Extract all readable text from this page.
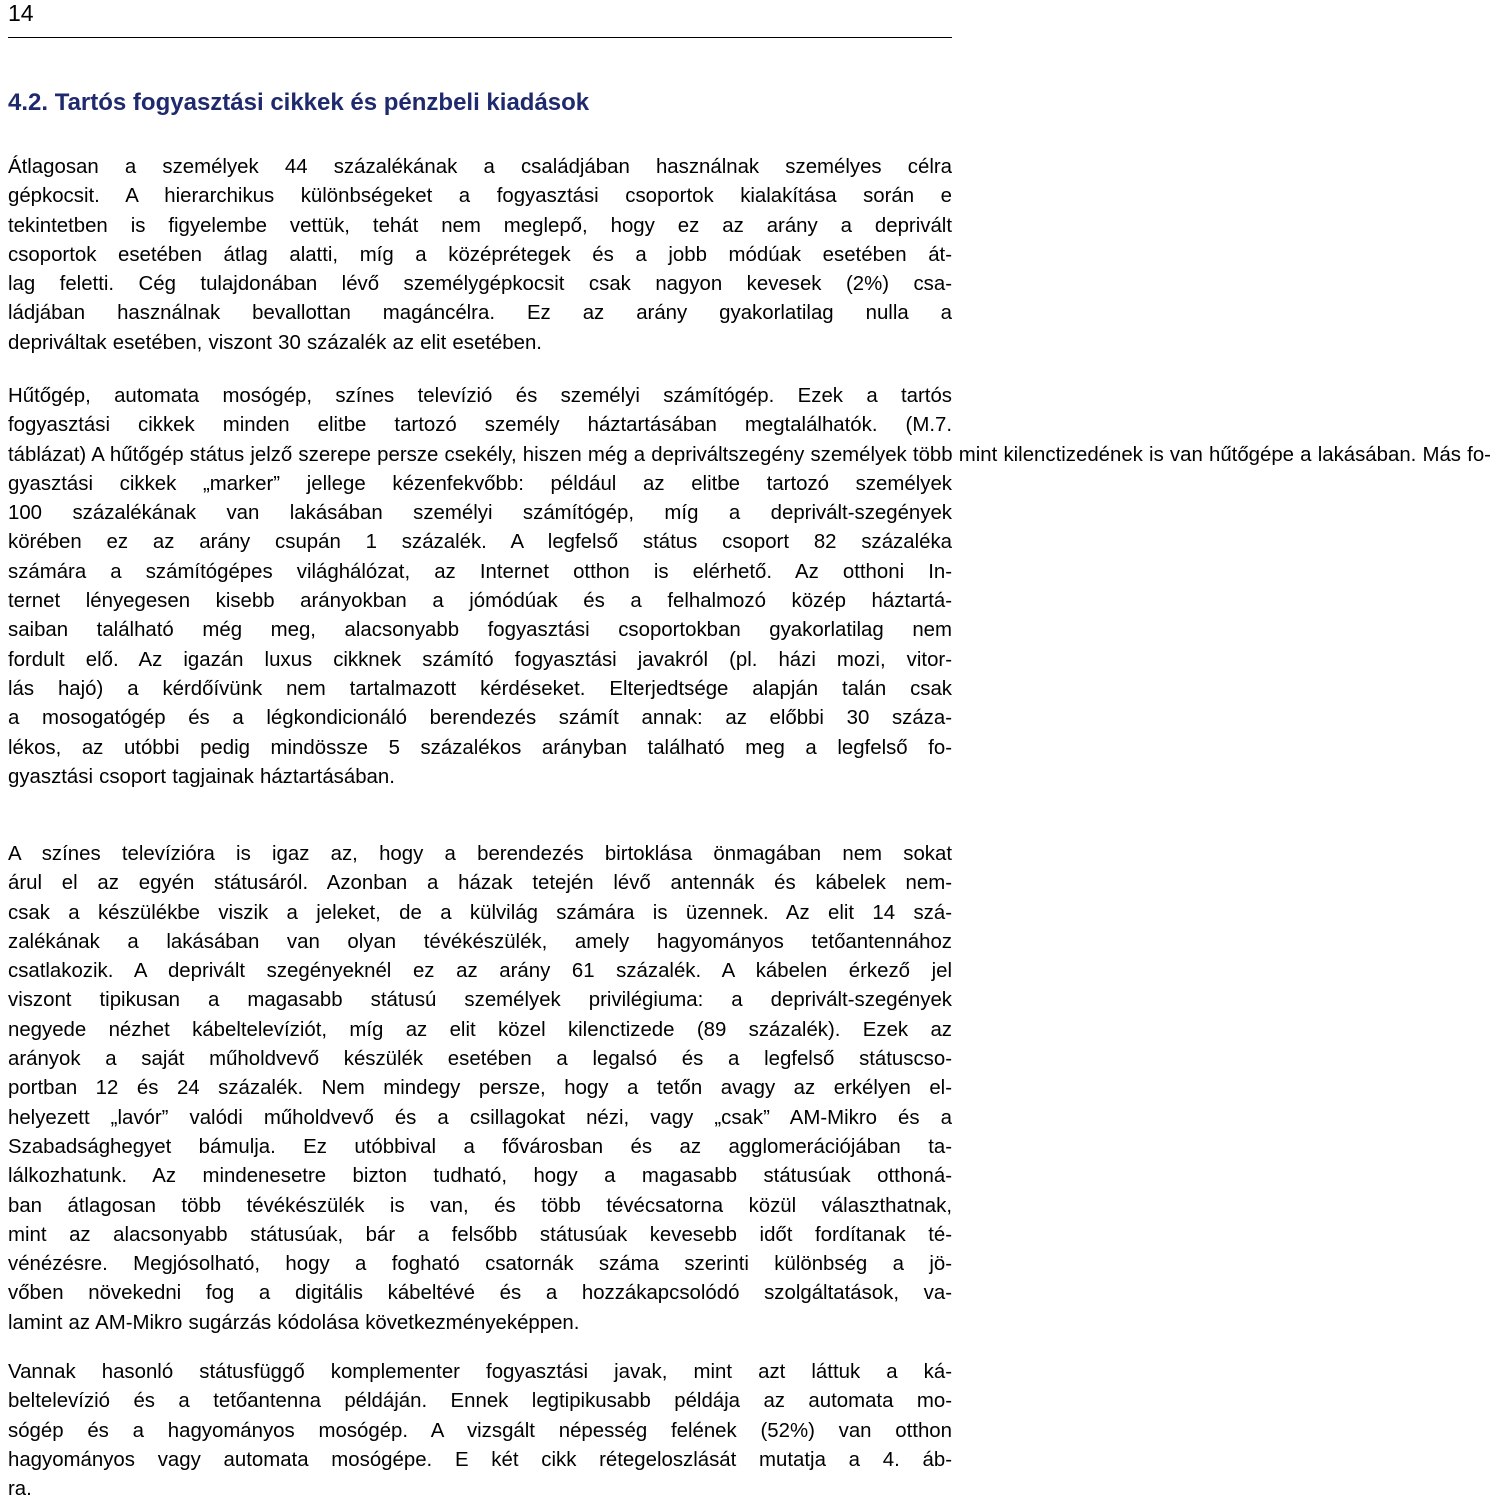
14
4.2. Tartós fogyasztási cikkek és pénzbeli kiadások
Átlagosan a személyek 44 százalékának a családjában használnak személyes célra
gépkocsit. A hierarchikus különbségeket a fogyasztási csoportok kialakítása során e
tekintetben is figyelembe vettük, tehát nem meglepő, hogy ez az arány a deprivált
csoportok esetében átlag alatti, míg a középrétegek és a jobb módúak esetében át-
lag feletti. Cég tulajdonában lévő személygépkocsit csak nagyon kevesek (2%) csa-
ládjában használnak bevallottan magáncélra. Ez az arány gyakorlatilag nulla a
depriváltak esetében, viszont 30 százalék az elit esetében.
Hűtőgép, automata mosógép, színes televízió és személyi számítógép. Ezek a tartós
fogyasztási cikkek minden elitbe tartozó személy háztartásában megtalálhatók. (M.7.
táblázat) A hűtőgép státus jelző szerepe persze csekély, hiszen még a depriváltszegény személyek több mint kilenctizedének is van hűtőgépe a lakásában. Más fo-
gyasztási cikkek „marker” jellege kézenfekvőbb: például az elitbe tartozó személyek
100 százalékának van lakásában személyi számítógép, míg a deprivált-szegények
körében ez az arány csupán 1 százalék. A legfelső státus csoport 82 százaléka
számára a számítógépes világhálózat, az Internet otthon is elérhető. Az otthoni In-
ternet lényegesen kisebb arányokban a jómódúak és a felhalmozó közép háztartá-
saiban található még meg, alacsonyabb fogyasztási csoportokban gyakorlatilag nem
fordult elő. Az igazán luxus cikknek számító fogyasztási javakról (pl. házi mozi, vitor-
lás hajó) a kérdőívünk nem tartalmazott kérdéseket. Elterjedtsége alapján talán csak
a mosogatógép és a légkondicionáló berendezés számít annak: az előbbi 30 száza-
lékos, az utóbbi pedig mindössze 5 százalékos arányban található meg a legfelső fo-
gyasztási csoport tagjainak háztartásában.
A színes televízióra is igaz az, hogy a berendezés birtoklása önmagában nem sokat
árul el az egyén státusáról. Azonban a házak tetején lévő antennák és kábelek nem-
csak a készülékbe viszik a jeleket, de a külvilág számára is üzennek. Az elit 14 szá-
zalékának a lakásában van olyan tévékészülék, amely hagyományos tetőantennához
csatlakozik. A deprivált szegényeknél ez az arány 61 százalék. A kábelen érkező jel
viszont tipikusan a magasabb státusú személyek privilégiuma: a deprivált-szegények
negyede nézhet kábeltelevíziót, míg az elit közel kilenctizede (89 százalék). Ezek az
arányok a saját műholdvevő készülék esetében a legalsó és a legfelső státuscso-
portban 12 és 24 százalék. Nem mindegy persze, hogy a tetőn avagy az erkélyen el-
helyezett „lavór” valódi műholdvevő és a csillagokat nézi, vagy „csak” AM-Mikro és a
Szabadsághegyet bámulja. Ez utóbbival a fővárosban és az agglomerációjában ta-
lálkozhatunk. Az mindenesetre bizton tudható, hogy a magasabb státusúak otthoná-
ban átlagosan több tévékészülék is van, és több tévécsatorna közül választhatnak,
mint az alacsonyabb státusúak, bár a felsőbb státusúak kevesebb időt fordítanak té-
vénézésre. Megjósolható, hogy a fogható csatornák száma szerinti különbség a jö-
vőben növekedni fog a digitális kábeltévé és a hozzákapcsolódó szolgáltatások, va-
lamint az AM-Mikro sugárzás kódolása következményeképpen.
Vannak hasonló státusfüggő komplementer fogyasztási javak, mint azt láttuk a ká-
beltelevízió és a tetőantenna példáján. Ennek legtipikusabb példája az automata mo-
sógép és a hagyományos mosógép. A vizsgált népesség felének (52%) van otthon
hagyományos vagy automata mosógépe. E két cikk rétegeloszlását mutatja a 4. áb-
ra.
